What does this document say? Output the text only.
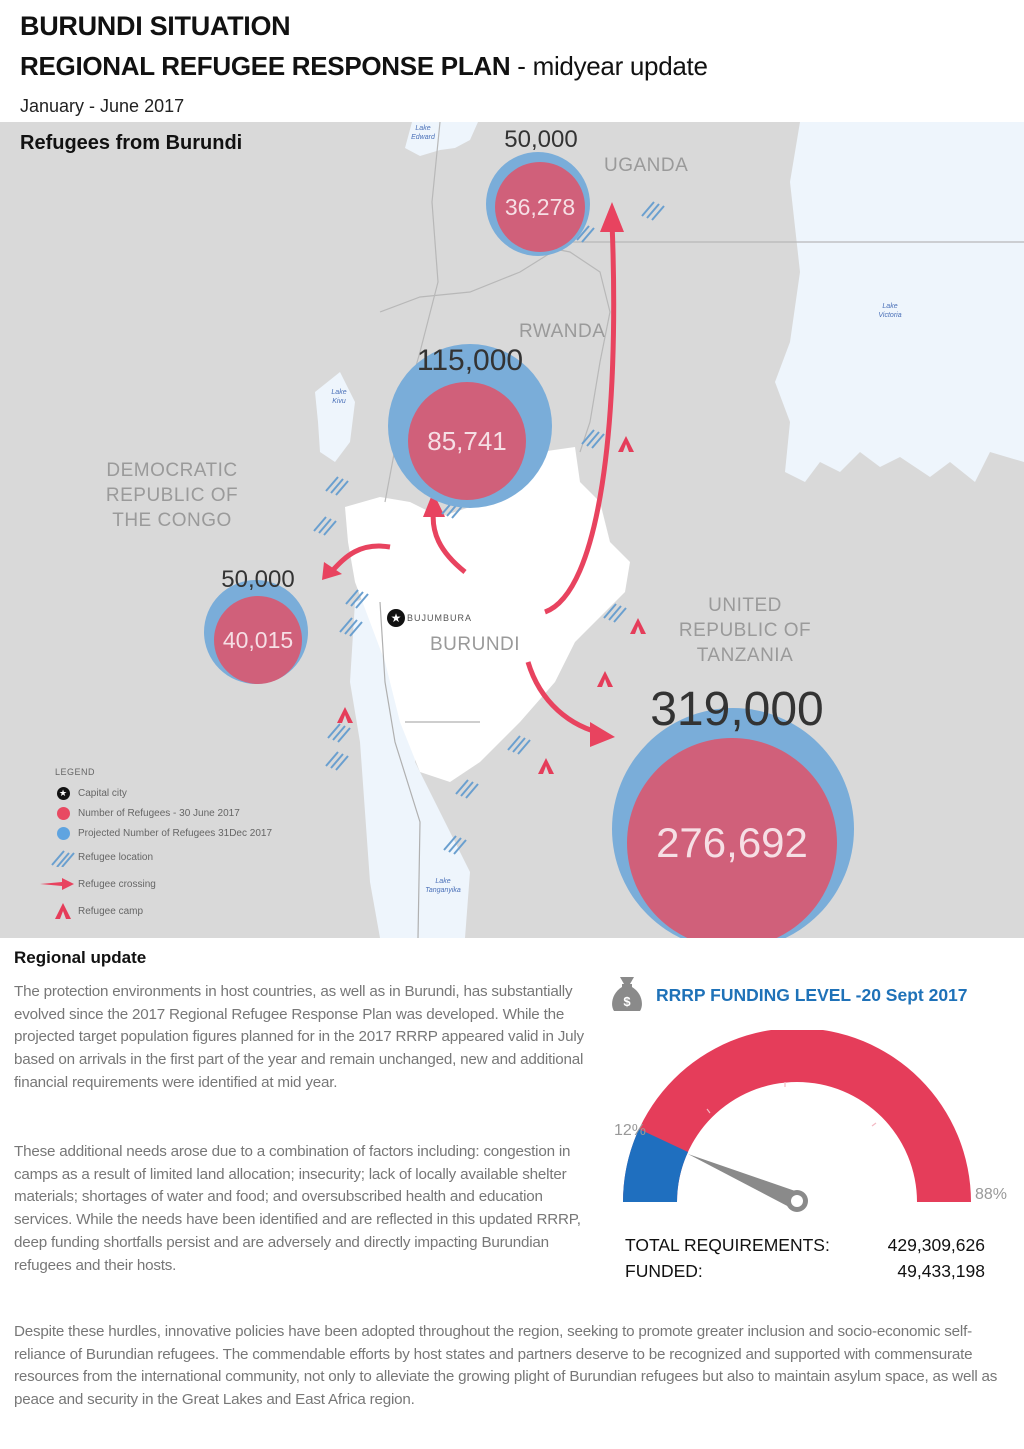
BURUNDI SITUATION
REGIONAL REFUGEE RESPONSE PLAN - midyear update
January - June 2017
Refugees from Burundi
UGANDA
RWANDA
DEMOCRATIC
REPUBLIC OF
THE CONGO
BURUNDI
UNITED
REPUBLIC OF
TANZANIA
Lake
Edward
Lake
Kivu
Lake
Victoria
Lake
Tanganyika
★ BUJUMBURA
36,278
50,000
85,741
115,000
40,015
50,000
276,692
319,000
LEGEND
★ Capital city
Number of Refugees - 30 June 2017
Projected Number of Refugees 31Dec 2017
Refugee location
Refugee crossing
Refugee camp
Regional update
The protection environments in host countries, as well as in Burundi, has substantially evolved since the 2017 Regional Refugee Response Plan was developed. While the projected target population figures planned for in the 2017 RRRP appeared valid in July based on arrivals in the first part of the year and remain unchanged, new and additional financial requirements were identified at mid year.
These additional needs arose due to a combination of factors including: congestion in camps as a result of limited land allocation; insecurity; lack of locally available shelter materials; shortages of water and food; and oversubscribed health and education services. While the needs have been identified and are reflected in this updated RRRP, deep funding shortfalls persist and are adversely and directly impacting Burundian refugees and their hosts.
Despite these hurdles, innovative policies have been adopted throughout the region, seeking to promote greater inclusion and socio-economic self-reliance of Burundian refugees. The commendable efforts by host states and partners deserve to be recognized and supported with commensurate resources from the international community, not only to alleviate the growing plight of Burundian refugees but also to maintain asylum space, as well as peace and security in the Great Lakes and East Africa region.
$ RRRP FUNDING LEVEL -20 Sept 2017
12%
88%
TOTAL REQUIREMENTS:	429,309,626
FUNDED:	49,433,198
